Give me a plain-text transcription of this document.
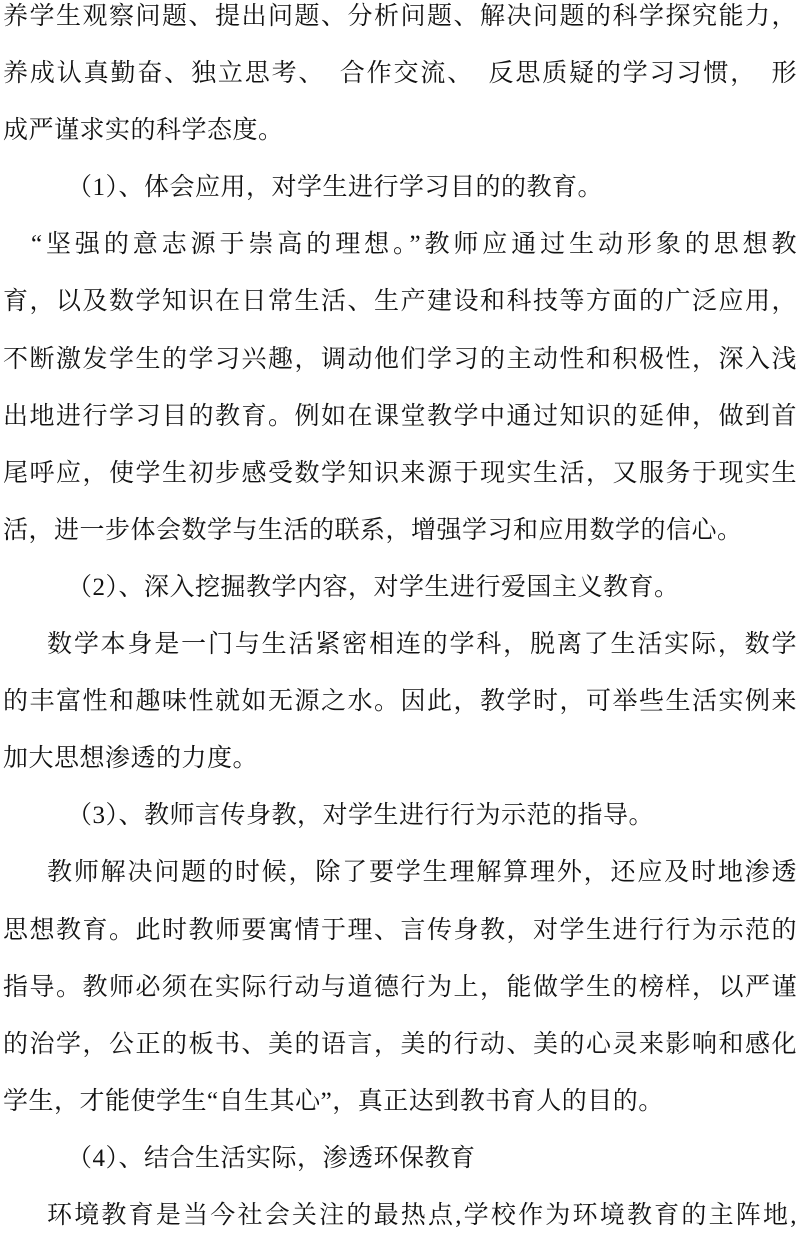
养学生观察问题、提出问题、分析问题、解决问题的科学探究能力，
养成认真勤奋、独立思考、　合作交流、　反思质疑的学习习惯，　形
成严谨求实的科学态度。
（1）、体会应用，对学生进行学习目的的教育。
“坚强的意志源于崇高的理想。”教师应通过生动形象的思想教
育，以及数学知识在日常生活、生产建设和科技等方面的广泛应用，
不断激发学生的学习兴趣，调动他们学习的主动性和积极性，深入浅
出地进行学习目的教育。例如在课堂教学中通过知识的延伸，做到首
尾呼应，使学生初步感受数学知识来源于现实生活，又服务于现实生
活，进一步体会数学与生活的联系，增强学习和应用数学的信心。
（2）、深入挖掘教学内容，对学生进行爱国主义教育。
数学本身是一门与生活紧密相连的学科，脱离了生活实际，数学
的丰富性和趣味性就如无源之水。因此，教学时，可举些生活实例来
加大思想渗透的力度。
（3）、教师言传身教，对学生进行行为示范的指导。
教师解决问题的时候，除了要学生理解算理外，还应及时地渗透
思想教育。此时教师要寓情于理、言传身教，对学生进行行为示范的
指导。教师必须在实际行动与道德行为上，能做学生的榜样，以严谨
的治学，公正的板书、美的语言，美的行动、美的心灵来影响和感化
学生，才能使学生“自生其心”，真正达到教书育人的目的。
（4）、结合生活实际，渗透环保教育
环境教育是当今社会关注的最热点,学校作为环境教育的主阵地,
